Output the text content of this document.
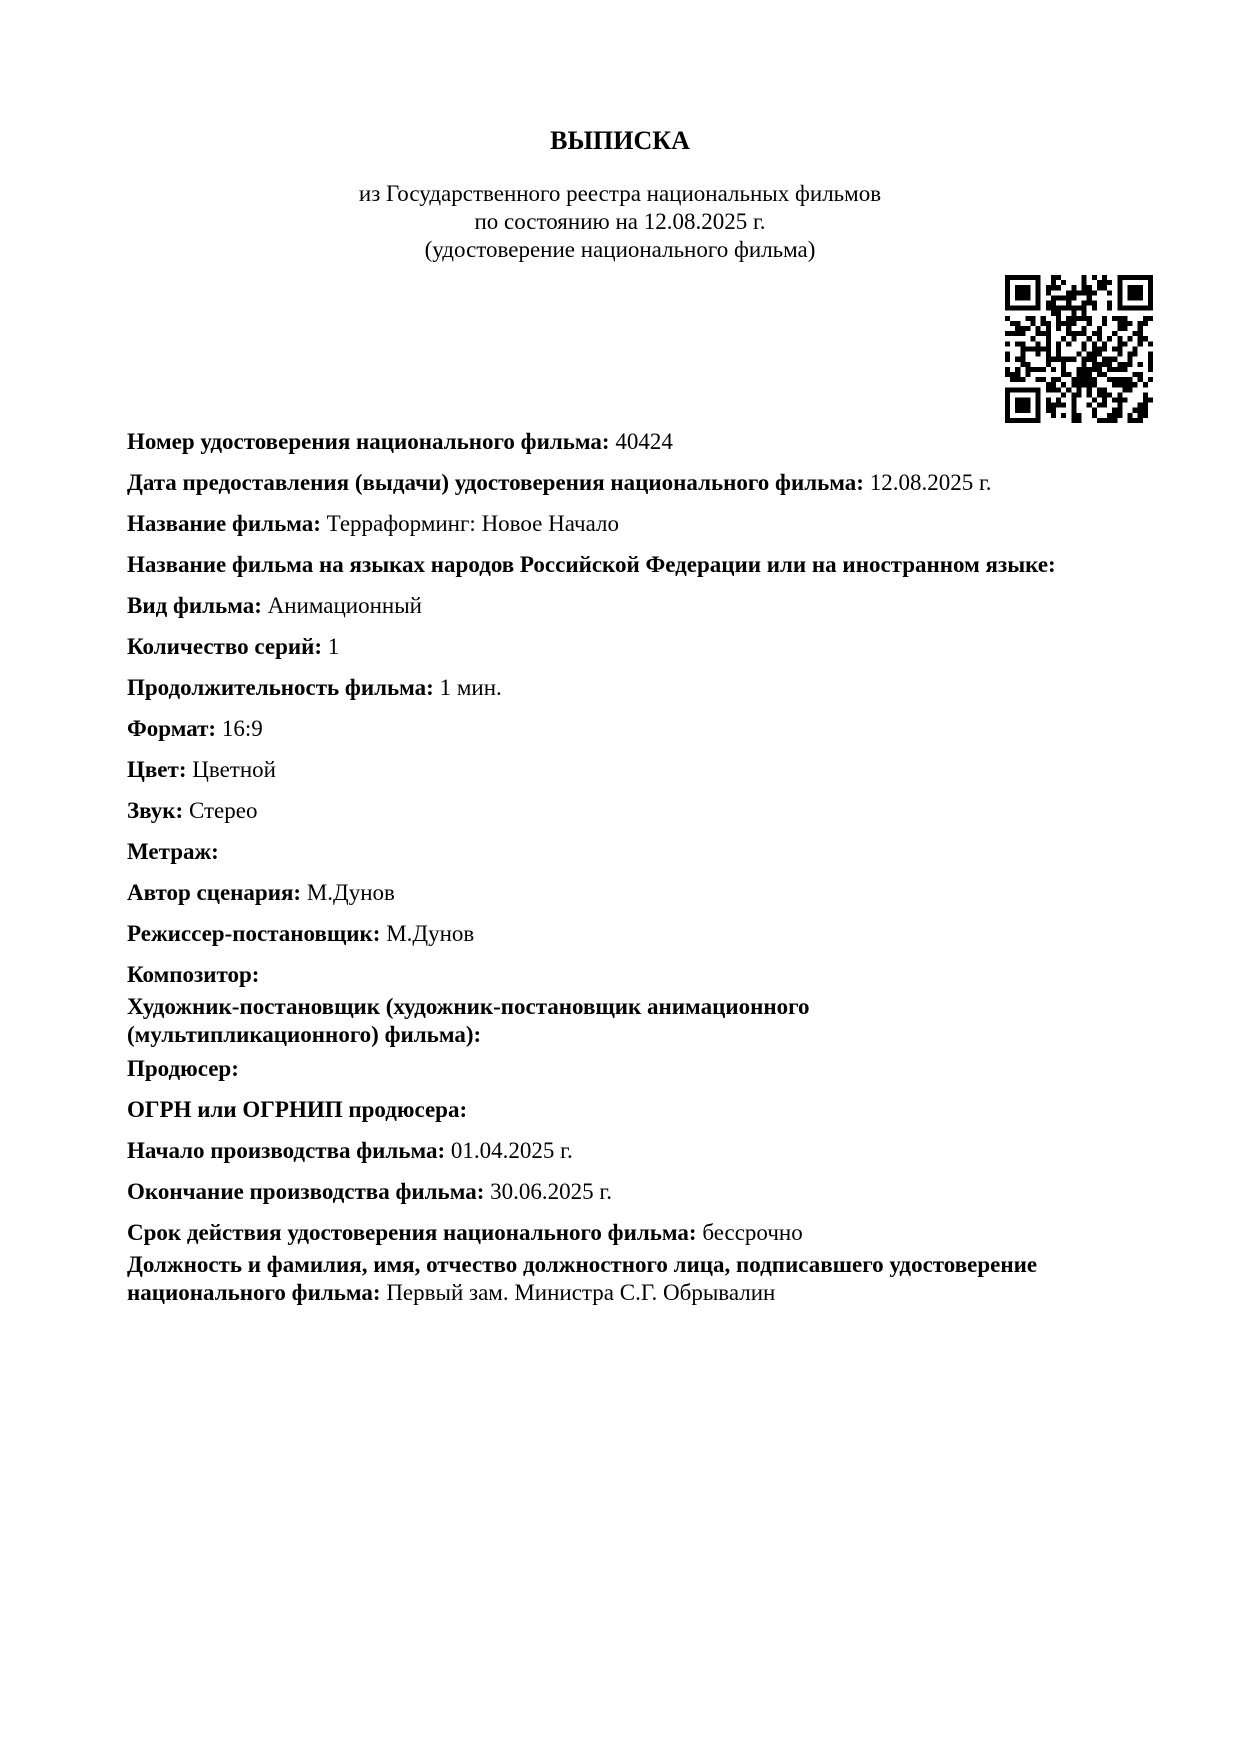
ВЫПИСКА
из Государственного реестра национальных фильмов
по состоянию на 12.08.2025 г.
(удостоверение национального фильма)
Номер удостоверения национального фильма: 40424
Дата предоставления (выдачи) удостоверения национального фильма: 12.08.2025 г.
Название фильма: Терраформинг: Новое Начало
Название фильма на языках народов Российской Федерации или на иностранном языке:
Вид фильма: Анимационный
Количество серий: 1
Продолжительность фильма: 1 мин.
Формат: 16:9
Цвет: Цветной
Звук: Стерео
Метраж:
Автор сценария: М.Дунов
Режиссер-постановщик: М.Дунов
Композитор:
Художник-постановщик (художник-постановщик анимационного (мультипликационного) фильма):
Продюсер:
ОГРН или ОГРНИП продюсера:
Начало производства фильма: 01.04.2025 г.
Окончание производства фильма: 30.06.2025 г.
Срок действия удостоверения национального фильма: бессрочно
Должность и фамилия, имя, отчество должностного лица, подписавшего удостоверение национального фильма: Первый зам. Министра С.Г. Обрывалин
